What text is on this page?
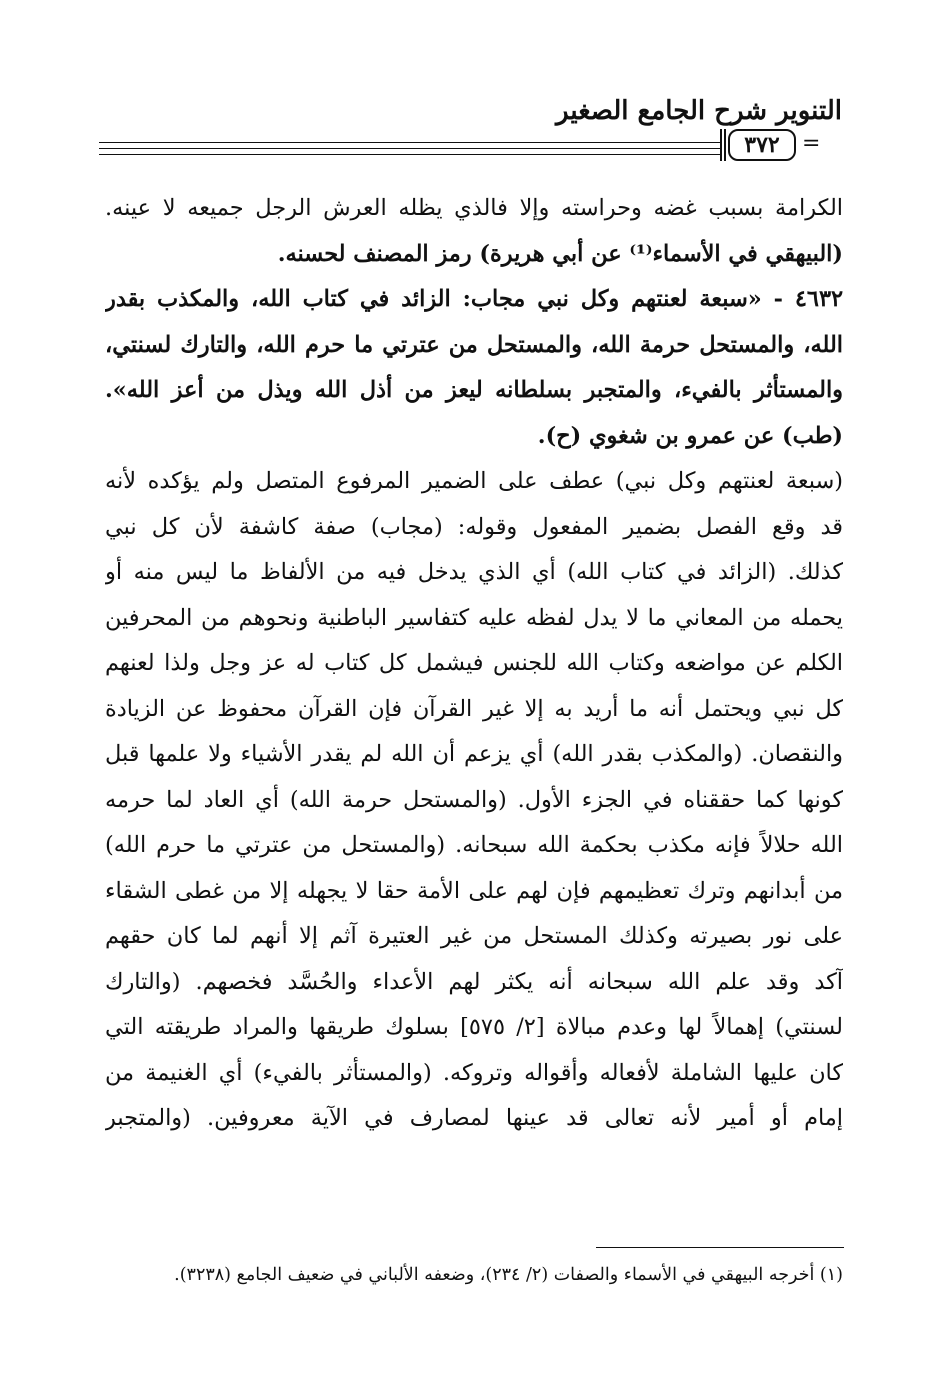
التنوير شرح الجامع الصغير
٣٧٢	=
الكرامة بسبب غضه وحراسته وإلا فالذي يظله العرش الرجل جميعه لا عينه.
(البيهقي في الأسماء⁽¹⁾ عن أبي هريرة) رمز المصنف لحسنه.
٤٦٣٢ - «سبعة لعنتهم وكل نبي مجاب: الزائد في كتاب الله، والمكذب بقدر
الله، والمستحل حرمة الله، والمستحل من عترتي ما حرم الله، والتارك لسنتي،
والمستأثر بالفيء، والمتجبر بسلطانه ليعز من أذل الله ويذل من أعز الله».
(طب) عن عمرو بن شغوي (ح).
(سبعة لعنتهم وكل نبي) عطف على الضمير المرفوع المتصل ولم يؤكده لأنه
قد وقع الفصل بضمير المفعول وقوله: (مجاب) صفة كاشفة لأن كل نبي
كذلك. (الزائد في كتاب الله) أي الذي يدخل فيه من الألفاظ ما ليس منه أو
يحمله من المعاني ما لا يدل لفظه عليه كتفاسير الباطنية ونحوهم من المحرفين
الكلم عن مواضعه وكتاب الله للجنس فيشمل كل كتاب له عز وجل ولذا لعنهم
كل نبي ويحتمل أنه ما أريد به إلا غير القرآن فإن القرآن محفوظ عن الزيادة
والنقصان. (والمكذب بقدر الله) أي يزعم أن الله لم يقدر الأشياء ولا علمها قبل
كونها كما حققناه في الجزء الأول. (والمستحل حرمة الله) أي العاد لما حرمه
الله حلالاً فإنه مكذب بحكمة الله سبحانه. (والمستحل من عترتي ما حرم الله)
من أبدانهم وترك تعظيمهم فإن لهم على الأمة حقا لا يجهله إلا من غطى الشقاء
على نور بصيرته وكذلك المستحل من غير العتيرة آثم إلا أنهم لما كان حقهم
آكد وقد علم الله سبحانه أنه يكثر لهم الأعداء والحُسَّد فخصهم. (والتارك
لسنتي) إهمالاً لها وعدم مبالاة [٢/ ٥٧٥] بسلوك طريقها والمراد طريقته التي
كان عليها الشاملة لأفعاله وأقواله وتروكه. (والمستأثر بالفيء) أي الغنيمة من
إمام أو أمير لأنه تعالى قد عينها لمصارف في الآية معروفين. (والمتجبر
(١) أخرجه البيهقي في الأسماء والصفات (٢/ ٢٣٤)، وضعفه الألباني في ضعيف الجامع (٣٢٣٨).
